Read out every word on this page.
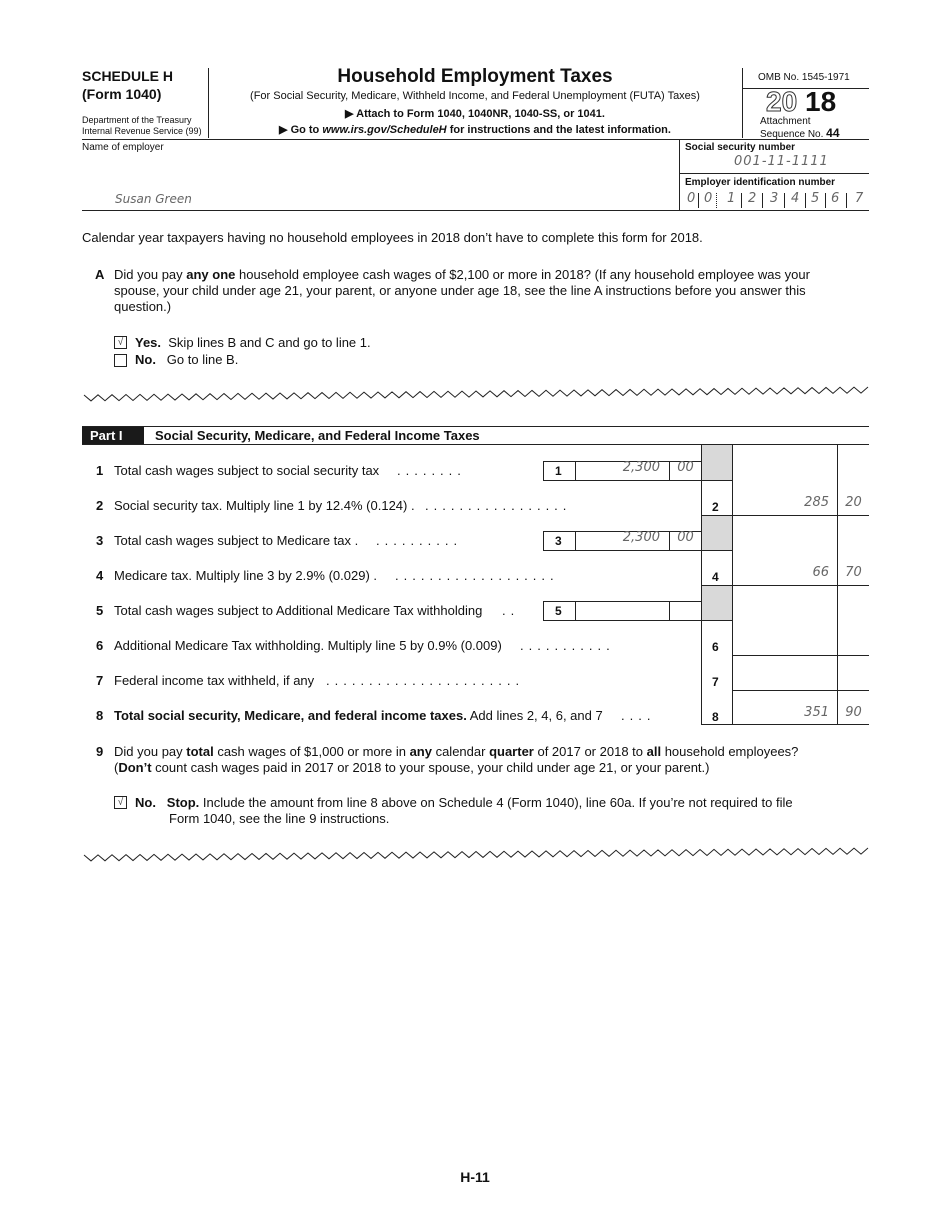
SCHEDULE H
(Form 1040)
Department of the Treasury
Internal Revenue Service (99)
Household Employment Taxes
(For Social Security, Medicare, Withheld Income, and Federal Unemployment (FUTA) Taxes)
▶ Attach to Form 1040, 1040NR, 1040-SS, or 1041.
▶ Go to www.irs.gov/ScheduleH for instructions and the latest information.
OMB No. 1545-1971
20 18
Attachment
Sequence No. 44
Name of employer
Susan Green
Social security number
001-11-1111
Employer identification number
0 0 1 2 3 4 5 6 7
Calendar year taxpayers having no household employees in 2018 don’t have to complete this form for 2018.
A Did you pay any one household employee cash wages of $2,100 or more in 2018? (If any household employee was your
spouse, your child under age 21, your parent, or anyone under age 18, see the line A instructions before you answer this
question.)
√ Yes. Skip lines B and C and go to line 1.
No. Go to line B.
Part I	Social Security, Medicare, and Federal Income Taxes
1 Total cash wages subject to social security tax ........	1	2,300	00
2 Social security tax. Multiply line 1 by 12.4% (0.124) . .................	2	285	20
3 Total cash wages subject to Medicare tax . ..........	3	2,300	00
4 Medicare tax. Multiply line 3 by 2.9% (0.029) . ...................	4	66	70
5 Total cash wages subject to Additional Medicare Tax withholding ..	5
6 Additional Medicare Tax withholding. Multiply line 5 by 0.9% (0.009) ...........	6
7 Federal income tax withheld, if any .......................	7
8 Total social security, Medicare, and federal income taxes. Add lines 2, 4, 6, and 7 ....	8	351	90
9 Did you pay total cash wages of $1,000 or more in any calendar quarter of 2017 or 2018 to all household employees?
(Don’t count cash wages paid in 2017 or 2018 to your spouse, your child under age 21, or your parent.)
√ No. Stop. Include the amount from line 8 above on Schedule 4 (Form 1040), line 60a. If you’re not required to file
Form 1040, see the line 9 instructions.
H-11
